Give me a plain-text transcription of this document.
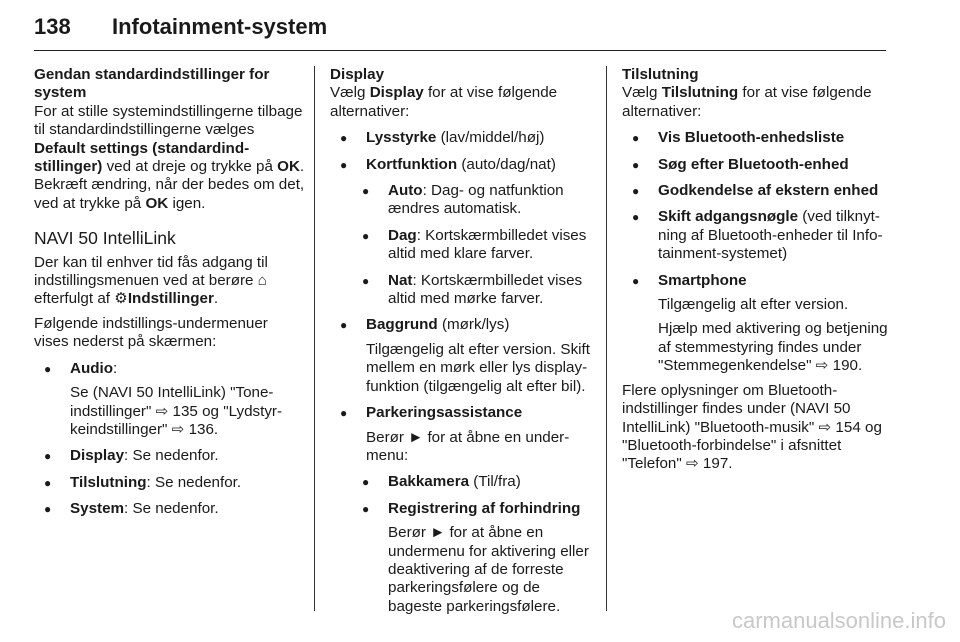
138 Infotainment-system

Gendan standardindstillinger for system

For at stille systemindstillingerne tilbage til standardindstillingerne vælges Default settings (standardindstillinger) ved at dreje og trykke på OK. Bekræft ændring, når der bedes om det, ved at trykke på OK igen.

NAVI 50 IntelliLink

Der kan til enhver tid fås adgang til indstillingsmenuen ved at berøre ⌂ efterfulgt af ⚙Indstillinger.

Følgende indstillings-undermenuer vises nederst på skærmen:

● Audio:

Se (NAVI 50 IntelliLink) "Toneindstillinger" ⇨ 135 og "Lydstyrkeindstillinger" ⇨ 136.

● Display: Se nedenfor.

● Tilslutning: Se nedenfor.

● System: Se nedenfor.

Display

Vælg Display for at vise følgende alternativer:

● Lysstyrke (lav/middel/høj)

● Kortfunktion (auto/dag/nat)

● Auto: Dag- og natfunktion ændres automatisk.

● Dag: Kortskærmbilledet vises altid med klare farver.

● Nat: Kortskærmbilledet vises altid med mørke farver.

● Baggrund (mørk/lys)

Tilgængelig alt efter version. Skift mellem en mørk eller lys displayfunktion (tilgængelig alt efter bil).

● Parkeringsassistance

Berør ► for at åbne en undermenu:

● Bakkamera (Til/fra)

● Registrering af forhindring

Berør ► for at åbne en undermenu for aktivering eller deaktivering af de forreste parkeringsfølere og de bageste parkeringsfølere.

Tilslutning

Vælg Tilslutning for at vise følgende alternativer:

● Vis Bluetooth-enhedsliste

● Søg efter Bluetooth-enhed

● Godkendelse af ekstern enhed

● Skift adgangsnøgle (ved tilknytning af Bluetooth-enheder til Infotainment-systemet)

● Smartphone

Tilgængelig alt efter version.

Hjælp med aktivering og betjening af stemmestyring findes under "Stemmegenkendelse" ⇨ 190.

Flere oplysninger om Bluetooth-indstillinger findes under (NAVI 50 IntelliLink) "Bluetooth-musik" ⇨ 154 og "Bluetooth-forbindelse" i afsnittet "Telefon" ⇨ 197.

carmanualsonline.info
